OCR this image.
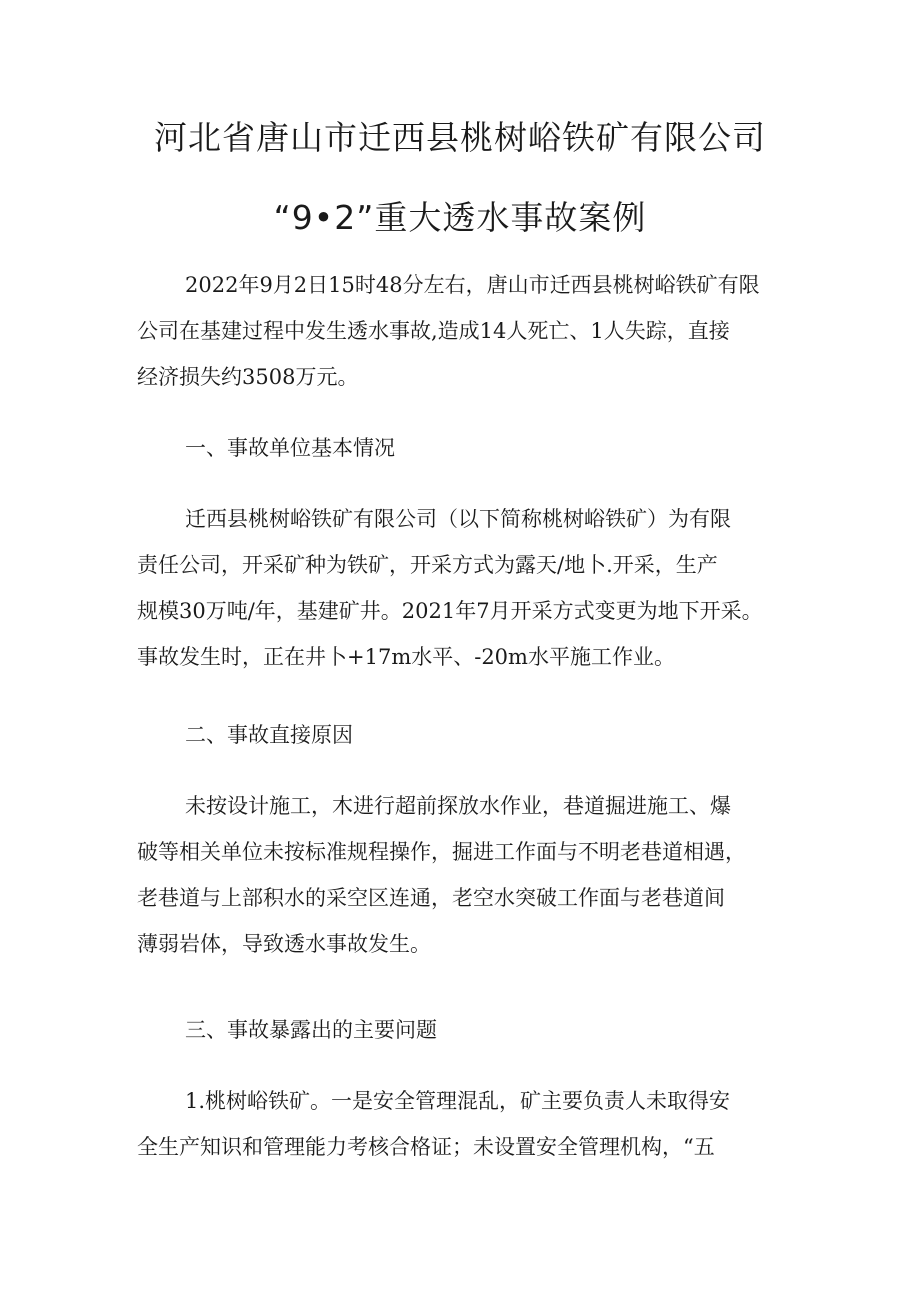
河北省唐山市迁西县桃树峪铁矿有限公司
“9•2”重大透水事故案例
2022年9月2日15时48分左右，唐山市迁西县桃树峪铁矿有限
公司在基建过程中发生透水事故,造成14人死亡、1人失踪，直接
经济损失约3508万元。
一、事故单位基本情况
迁西县桃树峪铁矿有限公司（以下简称桃树峪铁矿）为有限
责任公司，开采矿种为铁矿，开采方式为露天/地卜.开采，生产
规模30万吨/年，基建矿井。2021年7月开采方式变更为地下开采。
事故发生时，正在井卜+17m水平、-20m水平施工作业。
二、事故直接原因
未按设计施工，木进行超前探放水作业，巷道掘进施工、爆
破等相关单位未按标准规程操作，掘进工作面与不明老巷道相遇，
老巷道与上部积水的采空区连通，老空水突破工作面与老巷道间
薄弱岩体，导致透水事故发生。
三、事故暴露出的主要问题
1.桃树峪铁矿。一是安全管理混乱，矿主要负责人未取得安
全生产知识和管理能力考核合格证；未设置安全管理机构，“五
